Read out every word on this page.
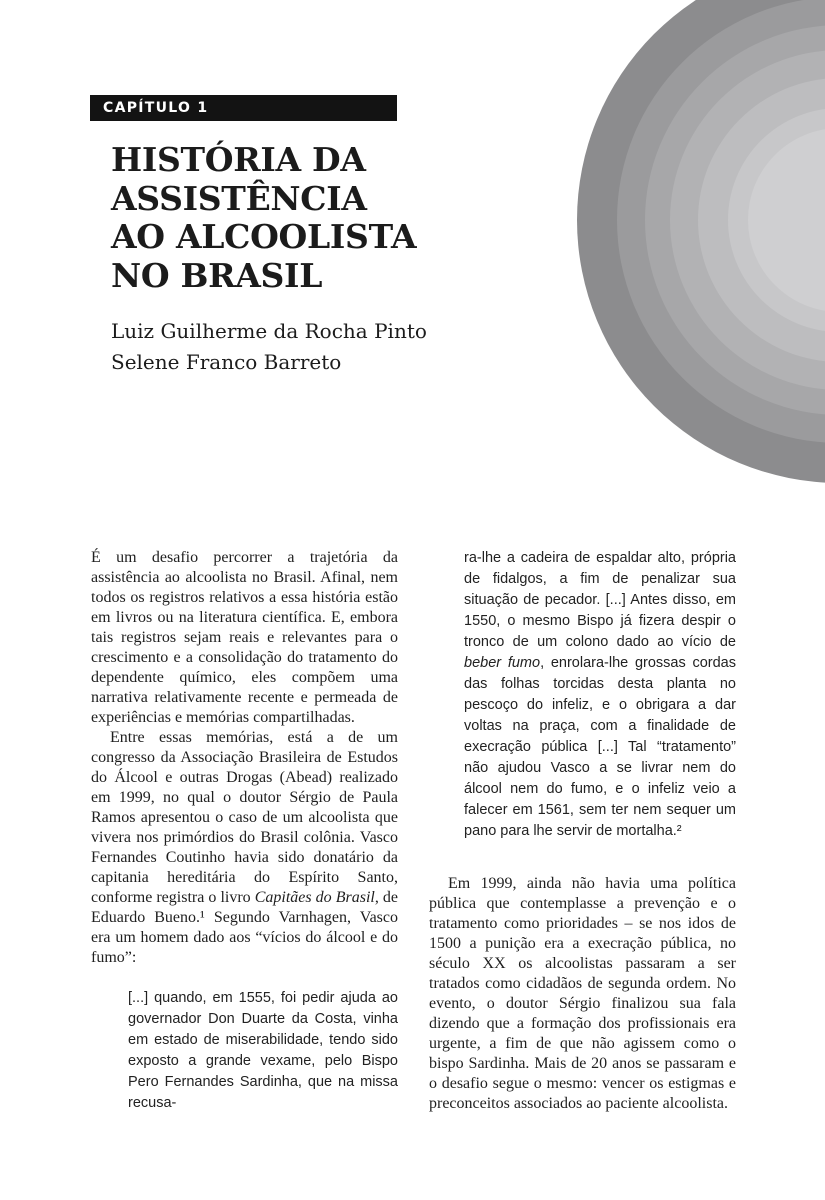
CAPÍTULO 1
HISTÓRIA DA
ASSISTÊNCIA
AO ALCOOLISTA
NO BRASIL
Luiz Guilherme da Rocha Pinto
Selene Franco Barreto

É um desafio percorrer a trajetória da assistência ao alcoolista no Brasil. Afinal, nem todos os registros relativos a essa história estão em livros ou na literatura científica. E, embora tais registros sejam reais e relevantes para o crescimento e a consolidação do tratamento do dependente químico, eles compõem uma narrativa relativamente recente e permeada de experiências e memórias compartilhadas.

Entre essas memórias, está a de um congresso da Associação Brasileira de Estudos do Álcool e outras Drogas (Abead) realizado em 1999, no qual o doutor Sérgio de Paula Ramos apresentou o caso de um alcoolista que vivera nos primórdios do Brasil colônia. Vasco Fernandes Coutinho havia sido donatário da capitania hereditária do Espírito Santo, conforme registra o livro Capitães do Brasil, de Eduardo Bueno.¹ Segundo Varnhagen, Vasco era um homem dado aos “vícios do álcool e do fumo”:

[...] quando, em 1555, foi pedir ajuda ao governador Don Duarte da Costa, vinha em estado de miserabilidade, tendo sido exposto a grande vexame, pelo Bispo Pero Fernandes Sardinha, que na missa recusa-
ra-lhe a cadeira de espaldar alto, própria de fidalgos, a fim de penalizar sua situação de pecador. [...] Antes disso, em 1550, o mesmo Bispo já fizera despir o tronco de um colono dado ao vício de beber fumo, enrolara-lhe grossas cordas das folhas torcidas desta planta no pescoço do infeliz, e o obrigara a dar voltas na praça, com a finalidade de execração pública [...] Tal “tratamento” não ajudou Vasco a se livrar nem do álcool nem do fumo, e o infeliz veio a falecer em 1561, sem ter nem sequer um pano para lhe servir de mortalha.²

Em 1999, ainda não havia uma política pública que contemplasse a prevenção e o tratamento como prioridades – se nos idos de 1500 a punição era a execração pública, no século XX os alcoolistas passaram a ser tratados como cidadãos de segunda ordem. No evento, o doutor Sérgio finalizou sua fala dizendo que a formação dos profissionais era urgente, a fim de que não agissem como o bispo Sardinha. Mais de 20 anos se passaram e o desafio segue o mesmo: vencer os estigmas e preconceitos associados ao paciente alcoolista.
